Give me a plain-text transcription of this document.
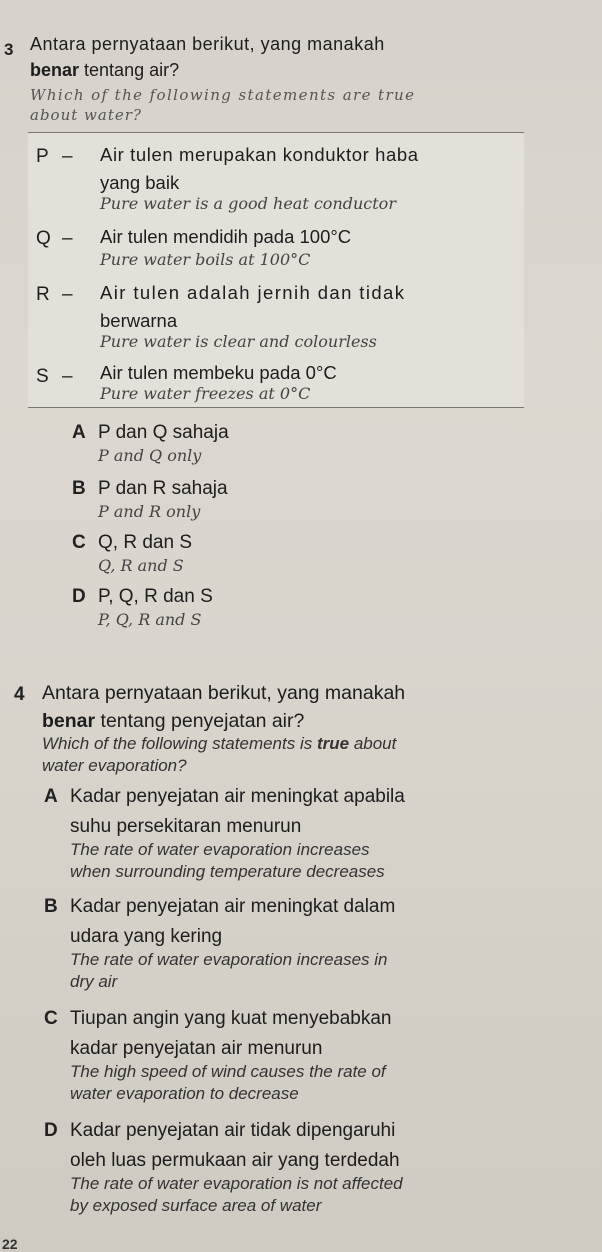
3 Antara pernyataan berikut, yang manakah
benar tentang air?
Which of the following statements are true
about water?
P – Air tulen merupakan konduktor haba
yang baik
Pure water is a good heat conductor
Q – Air tulen mendidih pada 100°C
Pure water boils at 100°C
R – Air tulen adalah jernih dan tidak
berwarna
Pure water is clear and colourless
S – Air tulen membeku pada 0°C
Pure water freezes at 0°C
A P dan Q sahaja
P and Q only
B P dan R sahaja
P and R only
C Q, R dan S
Q, R and S
D P, Q, R dan S
P, Q, R and S
4 Antara pernyataan berikut, yang manakah
benar tentang penyejatan air?
Which of the following statements is true about
water evaporation?
A Kadar penyejatan air meningkat apabila
suhu persekitaran menurun
The rate of water evaporation increases
when surrounding temperature decreases
B Kadar penyejatan air meningkat dalam
udara yang kering
The rate of water evaporation increases in
dry air
C Tiupan angin yang kuat menyebabkan
kadar penyejatan air menurun
The high speed of wind causes the rate of
water evaporation to decrease
D Kadar penyejatan air tidak dipengaruhi
oleh luas permukaan air yang terdedah
The rate of water evaporation is not affected
by exposed surface area of water
22
